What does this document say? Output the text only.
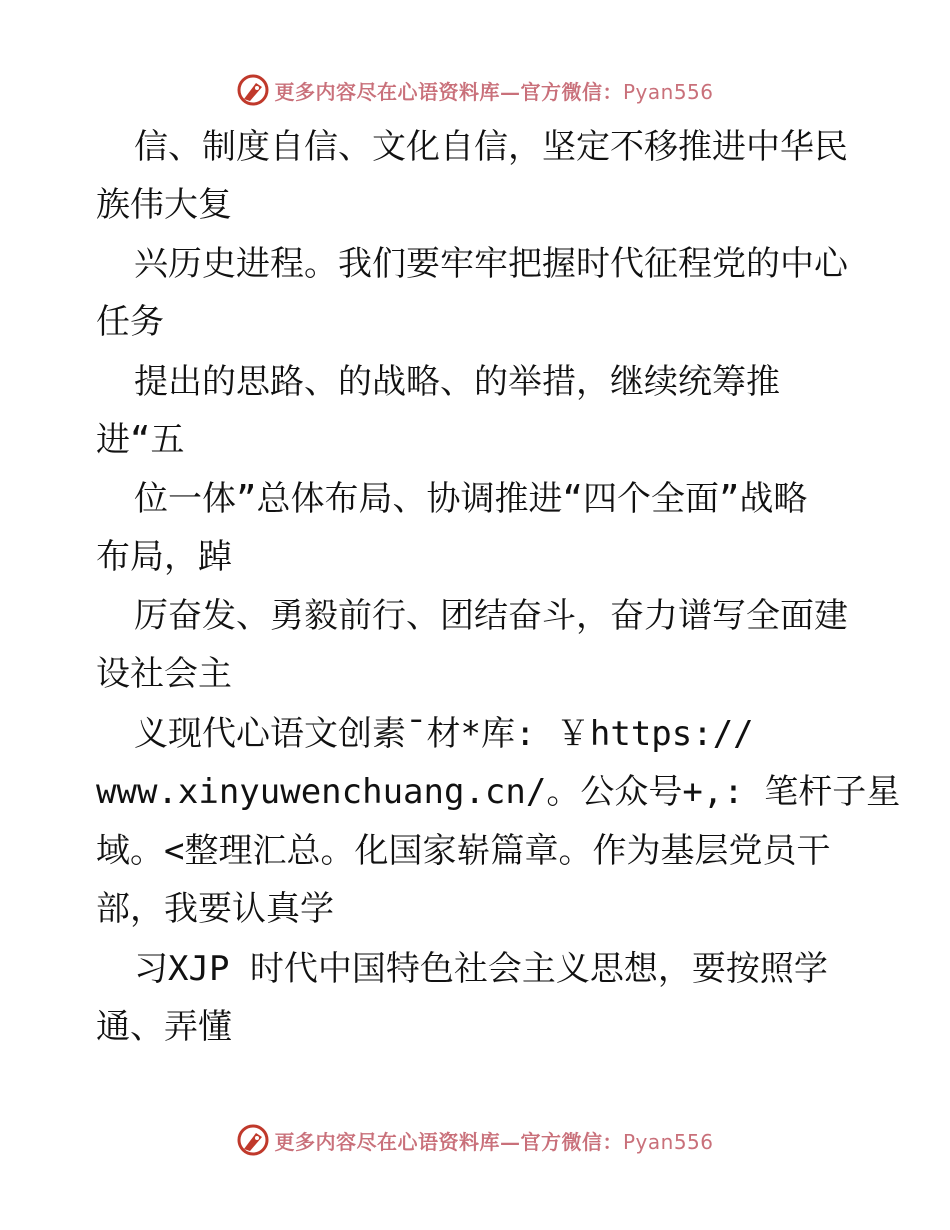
更多内容尽在心语资料库—官方微信：Pyan556
信、制度自信、文化自信，坚定不移推进中华民
族伟大复
兴历史进程。我们要牢牢把握时代征程党的中心
任务
提出的思路、的战略、的举措，继续统筹推
进“五
位一体”总体布局、协调推进“四个全面”战略
布局，踔
厉奋发、勇毅前行、团结奋斗，奋力谱写全面建
设社会主
义现代心语文创素¯材*库: ￥https://
www.xinyuwenchuang.cn/。公众号+,: 笔杆子星
域。<整理汇总。化国家崭篇章。作为基层党员干
部，我要认真学
习XJP 时代中国特色社会主义思想，要按照学
通、弄懂
更多内容尽在心语资料库—官方微信：Pyan556
